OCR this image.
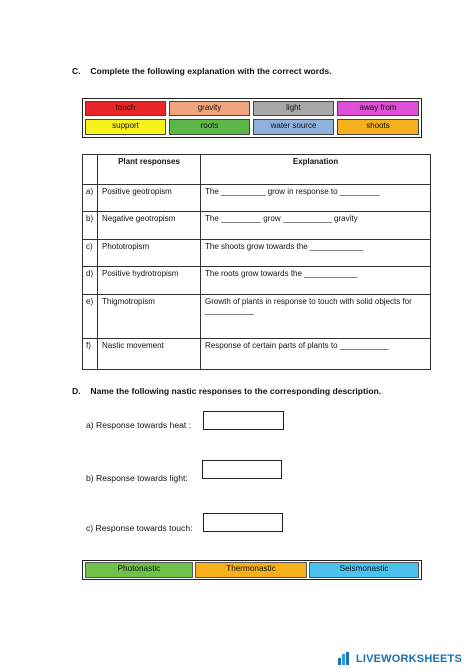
C. Complete the following explanation with the correct words.
touch	gravity	light	away from
support	roots	water source	shoots
	Plant responses	Explanation
a)	Positive geotropism	The __________ grow in response to _________
b)	Negative geotropism	The _________ grow ___________ gravity
c)	Phototropism	The shoots grow towards the ____________
d)	Positive hydrotropism	The roots grow towards the ____________
e)	Thigmotropism	Growth of plants in response to touch with solid objects for ___________
f)	Nastic movement	Response of certain parts of plants to ___________
D. Name the following nastic responses to the corresponding description.
a) Response towards heat :
b) Response towards light:
c) Response towards touch:
Photonastic	Thermonastic	Seismonastic
LIVEWORKSHEETS
